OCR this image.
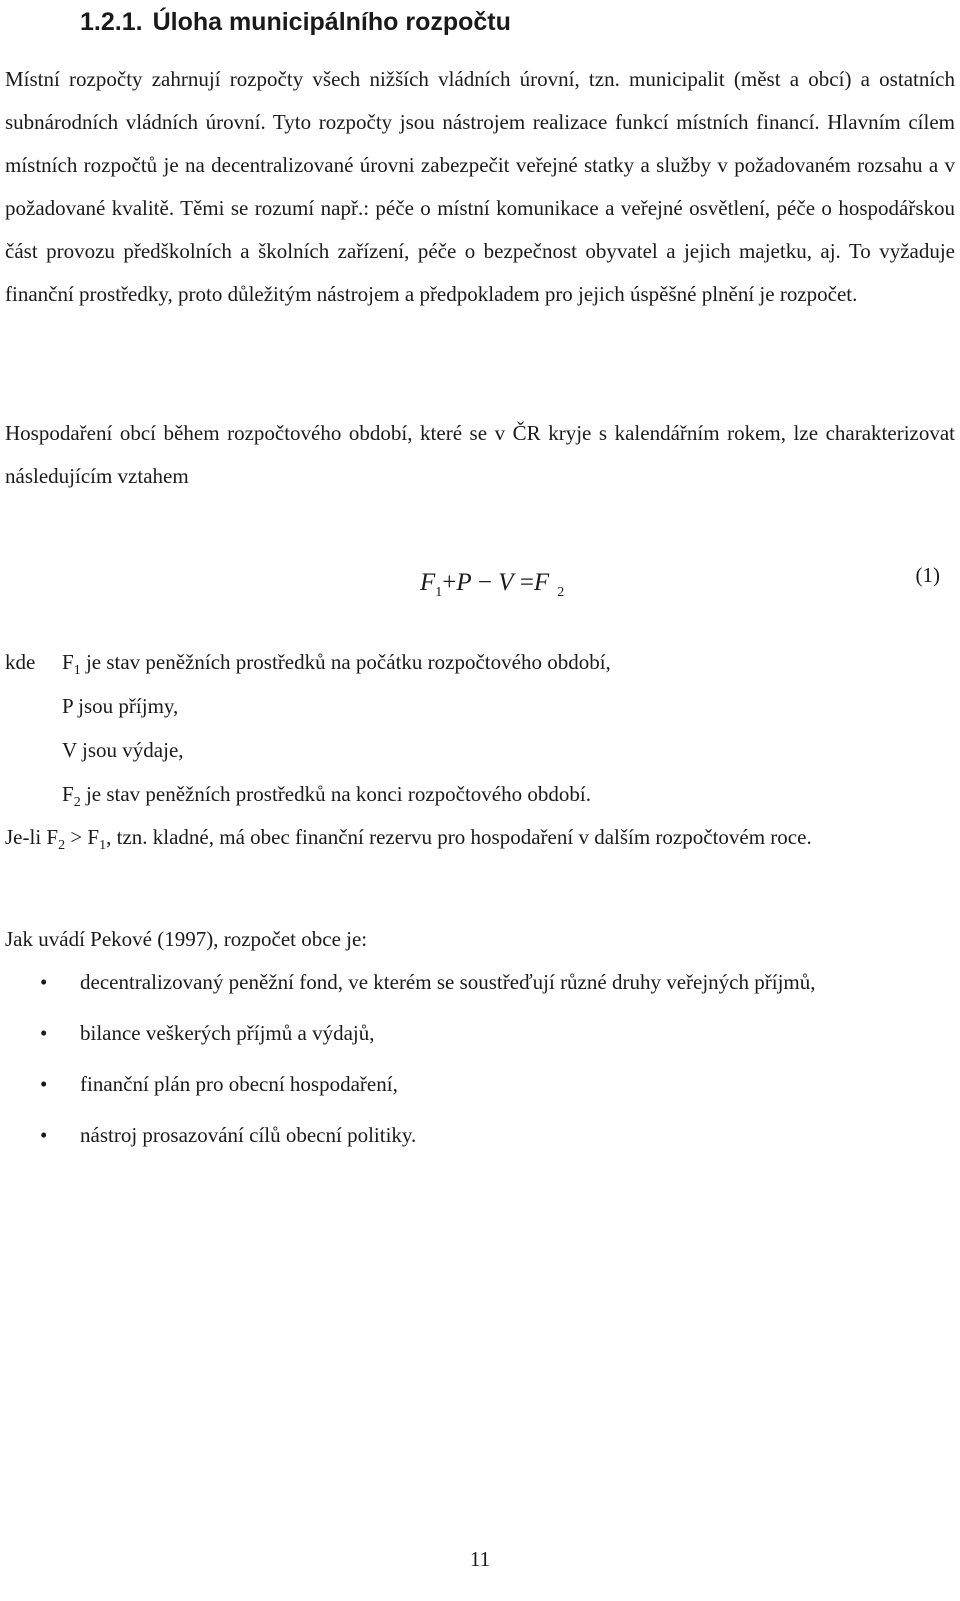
1.2.1. Úloha municipálního rozpočtu

Místní rozpočty zahrnují rozpočty všech nižších vládních úrovní, tzn. municipalit (měst a obcí) a ostatních subnárodních vládních úrovní. Tyto rozpočty jsou nástrojem realizace funkcí místních financí. Hlavním cílem místních rozpočtů je na decentralizované úrovni zabezpečit veřejné statky a služby v požadovaném rozsahu a v požadované kvalitě. Těmi se rozumí např.: péče o místní komunikace a veřejné osvětlení, péče o hospodářskou část provozu předškolních a školních zařízení, péče o bezpečnost obyvatel a jejich majetku, aj. To vyžaduje finanční prostředky, proto důležitým nástrojem a předpokladem pro jejich úspěšné plnění je rozpočet.

Hospodaření obcí během rozpočtového období, které se v ČR kryje s kalendářním rokem, lze charakterizovat následujícím vztahem

$F_1+P - V =F$ $_2$
(1)
kde $F_1$ je stav peněžních prostředků na počátku rozpočtového období,
P jsou příjmy,
V jsou výdaje,
$F_2$ je stav peněžních prostředků na konci rozpočtového období.

Je-li $F_2 > F_1$, tzn. kladné, má obec finanční rezervu pro hospodaření v dalším rozpočtovém roce.

Jak uvádí Pekové (1997), rozpočet obce je:

• decentralizovaný peněžní fond, ve kterém se soustřeďují různé druhy veřejných příjmů,
• bilance veškerých příjmů a výdajů,
• finanční plán pro obecní hospodaření,
• nástroj prosazování cílů obecní politiky.
11
